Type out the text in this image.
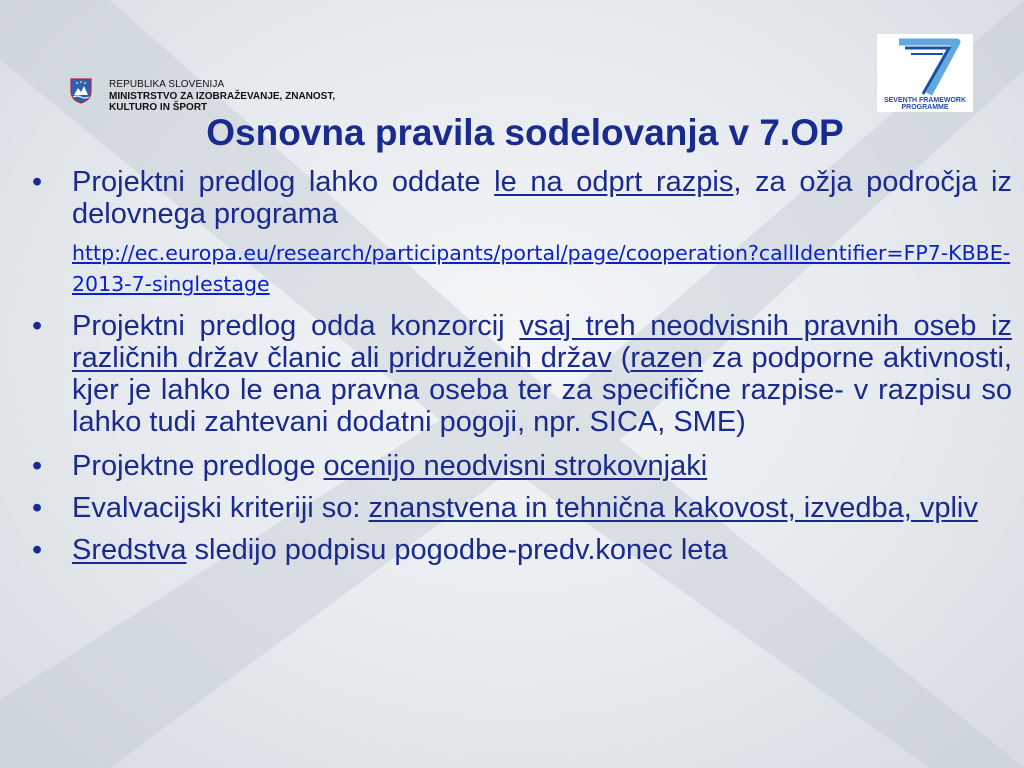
REPUBLIKA SLOVENIJA
MINISTRSTVO ZA IZOBRAŽEVANJE, ZNANOST,
KULTURO IN ŠPORT
SEVENTH FRAMEWORK
PROGRAMME
Osnovna pravila sodelovanja v 7.OP
• Projektni predlog lahko oddate le na odprt razpis, za ožja področja iz delovnega programa
http://ec.europa.eu/research/participants/portal/page/cooperation?callIdentifier=FP7-KBBE-2013-7-singlestage
• Projektni predlog odda konzorcij vsaj treh neodvisnih pravnih oseb iz različnih držav članic ali pridruženih držav (razen za podporne aktivnosti, kjer je lahko le ena pravna oseba ter za specifične razpise- v razpisu so lahko tudi zahtevani dodatni pogoji, npr. SICA, SME)
• Projektne predloge ocenijo neodvisni strokovnjaki
• Evalvacijski kriteriji so: znanstvena in tehnična kakovost, izvedba, vpliv
• Sredstva sledijo podpisu pogodbe-predv.konec leta
